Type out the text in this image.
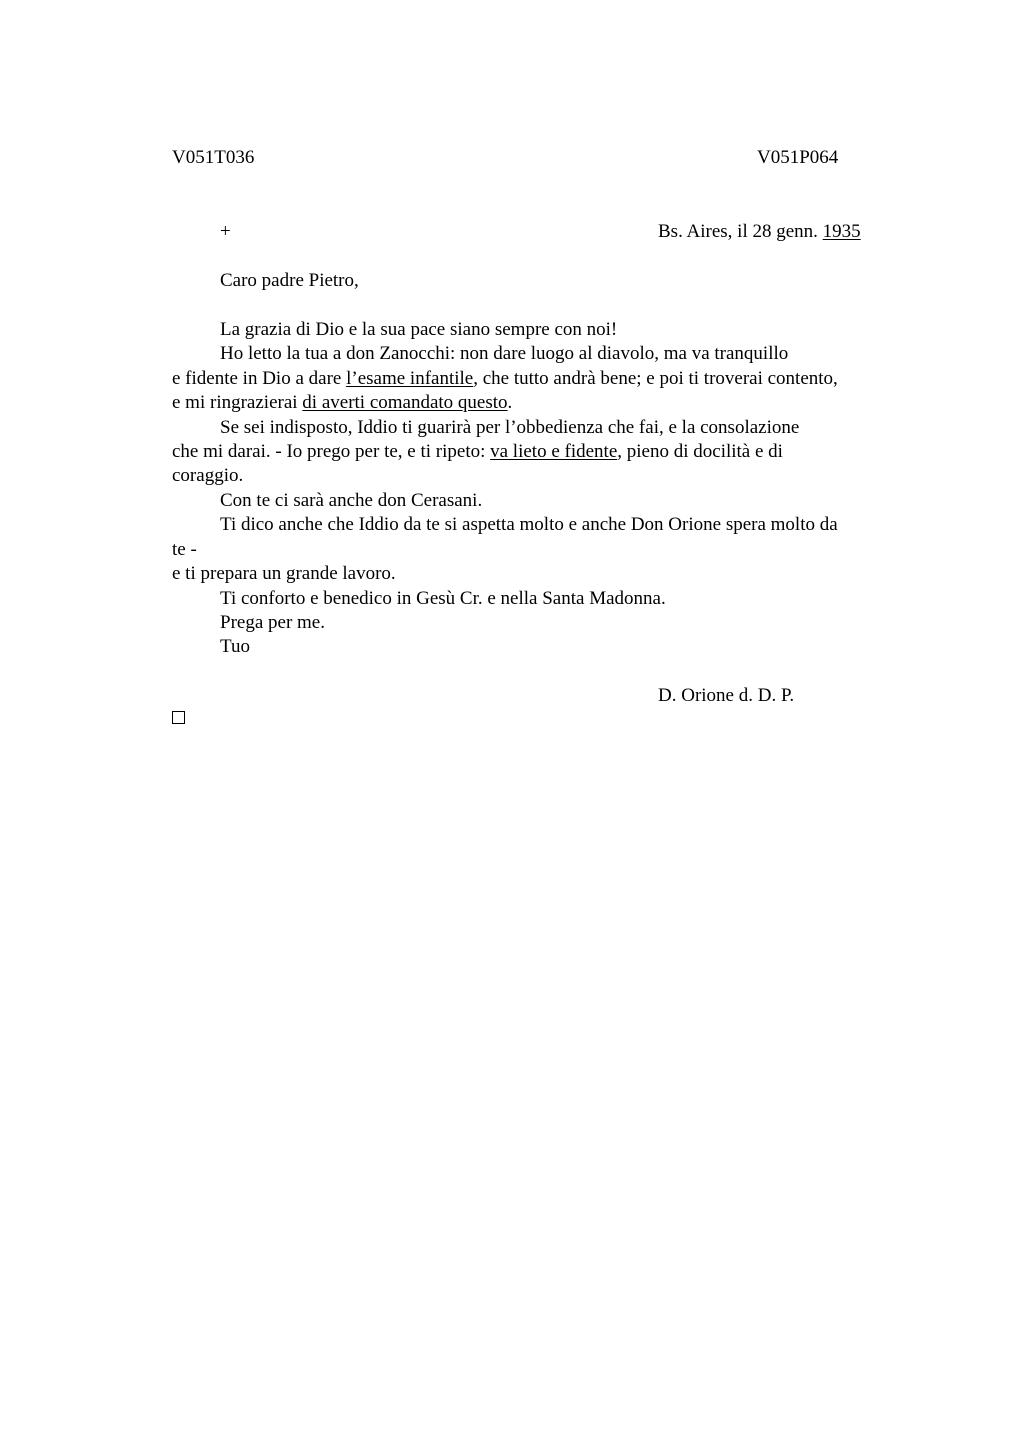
V051T036	V051P064
+	Bs. Aires, il 28 genn. 1935
Caro padre Pietro,
La grazia di Dio e la sua pace siano sempre con noi!
Ho letto la tua a don Zanocchi: non dare luogo al diavolo, ma va tranquillo
e fidente in Dio a dare l’esame infantile, che tutto andrà bene; e poi ti troverai contento,
e mi ringrazierai di averti comandato questo.
Se sei indisposto, Iddio ti guarirà per l’obbedienza che fai, e la consolazione
che mi darai. - Io prego per te, e ti ripeto: va lieto e fidente, pieno di docilità e di
coraggio.
Con te ci sarà anche don Cerasani.
Ti dico anche che Iddio da te si aspetta molto e anche Don Orione spera molto da
te -
e ti prepara un grande lavoro.
Ti conforto e benedico in Gesù Cr. e nella Santa Madonna.
Prega per me.
Tuo
D. Orione d. D. P.
